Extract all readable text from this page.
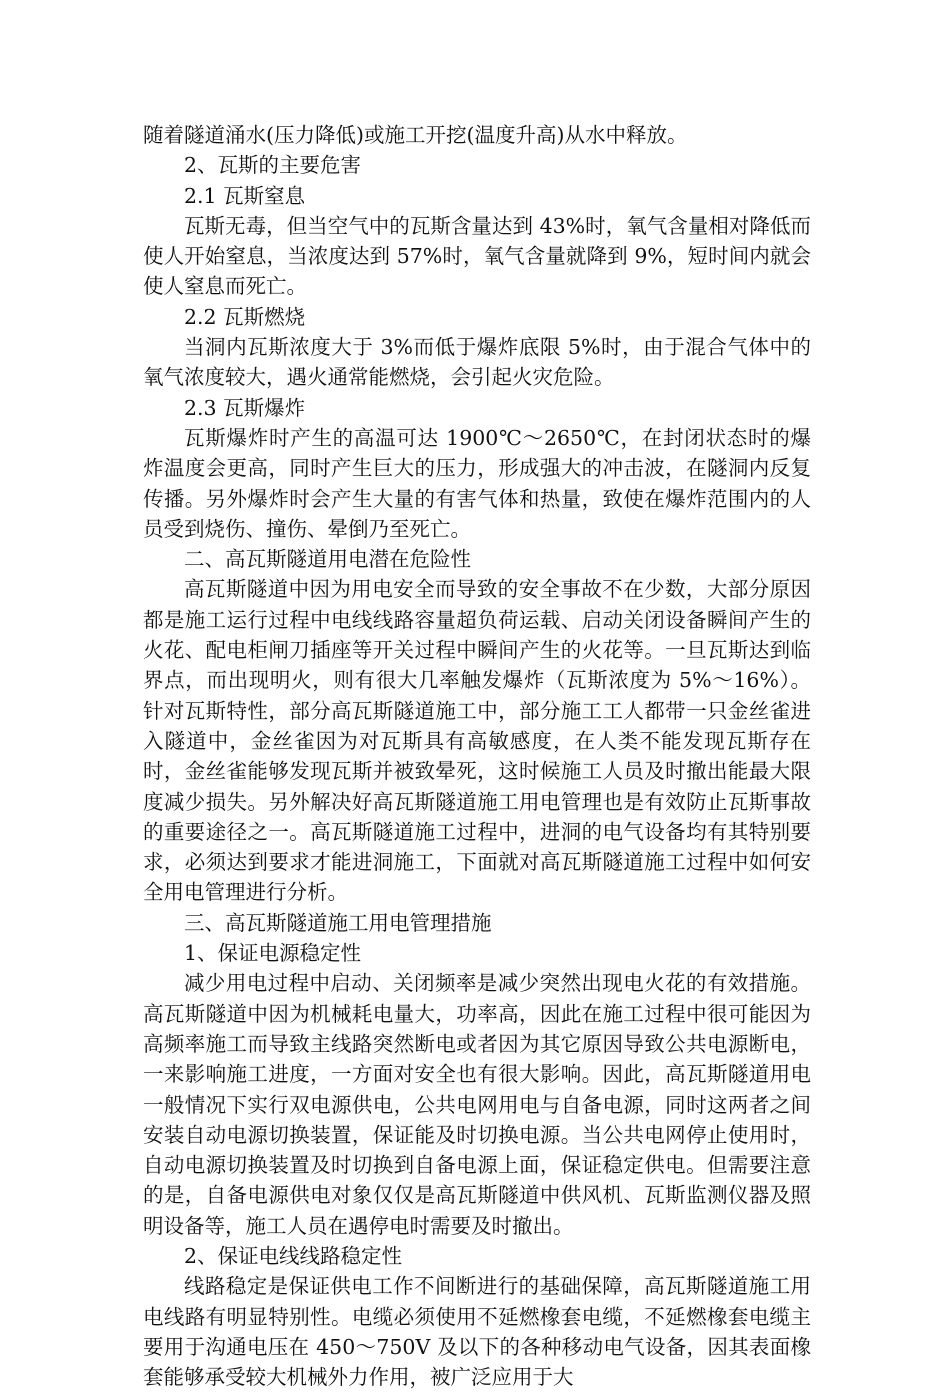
随着隧道涌水(压力降低)或施工开挖(温度升高)从水中释放。

2、瓦斯的主要危害

2.1 瓦斯窒息

瓦斯无毒，但当空气中的瓦斯含量达到 43%时，氧气含量相对降低而使人开始窒息，当浓度达到 57%时，氧气含量就降到 9%，短时间内就会使人窒息而死亡。

2.2 瓦斯燃烧

当洞内瓦斯浓度大于 3%而低于爆炸底限 5%时，由于混合气体中的氧气浓度较大，遇火通常能燃烧，会引起火灾危险。

2.3 瓦斯爆炸

瓦斯爆炸时产生的高温可达 1900℃～2650℃，在封闭状态时的爆炸温度会更高，同时产生巨大的压力，形成强大的冲击波，在隧洞内反复传播。另外爆炸时会产生大量的有害气体和热量，致使在爆炸范围内的人员受到烧伤、撞伤、晕倒乃至死亡。

二、高瓦斯隧道用电潜在危险性

高瓦斯隧道中因为用电安全而导致的安全事故不在少数，大部分原因都是施工运行过程中电线线路容量超负荷运载、启动关闭设备瞬间产生的火花、配电柜闸刀插座等开关过程中瞬间产生的火花等。一旦瓦斯达到临界点，而出现明火，则有很大几率触发爆炸（瓦斯浓度为 5%～16%）。针对瓦斯特性，部分高瓦斯隧道施工中，部分施工工人都带一只金丝雀进入隧道中，金丝雀因为对瓦斯具有高敏感度，在人类不能发现瓦斯存在时，金丝雀能够发现瓦斯并被致晕死，这时候施工人员及时撤出能最大限度减少损失。另外解决好高瓦斯隧道施工用电管理也是有效防止瓦斯事故的重要途径之一。高瓦斯隧道施工过程中，进洞的电气设备均有其特别要求，必须达到要求才能进洞施工，下面就对高瓦斯隧道施工过程中如何安全用电管理进行分析。

三、高瓦斯隧道施工用电管理措施

1、保证电源稳定性

减少用电过程中启动、关闭频率是减少突然出现电火花的有效措施。高瓦斯隧道中因为机械耗电量大，功率高，因此在施工过程中很可能因为高频率施工而导致主线路突然断电或者因为其它原因导致公共电源断电，一来影响施工进度，一方面对安全也有很大影响。因此，高瓦斯隧道用电一般情况下实行双电源供电，公共电网用电与自备电源，同时这两者之间安装自动电源切换装置，保证能及时切换电源。当公共电网停止使用时，自动电源切换装置及时切换到自备电源上面，保证稳定供电。但需要注意的是，自备电源供电对象仅仅是高瓦斯隧道中供风机、瓦斯监测仪器及照明设备等，施工人员在遇停电时需要及时撤出。

2、保证电线线路稳定性

线路稳定是保证供电工作不间断进行的基础保障，高瓦斯隧道施工用电线路有明显特别性。电缆必须使用不延燃橡套电缆，不延燃橡套电缆主要用于沟通电压在 450～750V 及以下的各种移动电气设备，因其表面橡套能够承受较大机械外力作用，被广泛应用于大
